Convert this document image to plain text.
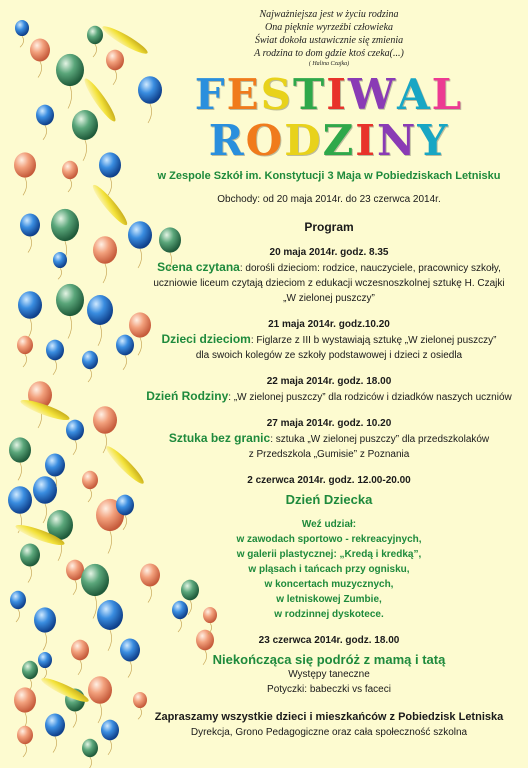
Najważniejsza jest w życiu rodzina
Ona pięknie wyrzeźbi człowieka
Świat dokoła ustawicznie się zmienia
A rodzina to dom gdzie ktoś czeka(...)
( Halina Czajka)
FESTIWAL
RODZINY
w Zespole Szkół im. Konstytucji 3 Maja w Pobiedziskach Letnisku
Obchody: od 20 maja 2014r. do 23 czerwca 2014r.
Program
20 maja 2014r. godz. 8.35
Scena czytana: dorośli dzieciom: rodzice, nauczyciele, pracownicy szkoły,
uczniowie liceum czytają dzieciom z edukacji wczesnoszkolnej sztukę H. Czajki
„W zielonej puszczy”
21 maja 2014r. godz.10.20
Dzieci dzieciom: Figlarze z III b wystawiają sztukę „W zielonej puszczy”
dla swoich kolegów ze szkoły podstawowej i dzieci z osiedla
22 maja 2014r. godz. 18.00
Dzień Rodziny: „W zielonej puszczy” dla rodziców i dziadków naszych uczniów
27 maja 2014r. godz. 10.20
Sztuka bez granic: sztuka „W zielonej puszczy” dla przedszkolaków
z Przedszkola „Gumisie” z Poznania
2 czerwca 2014r. godz. 12.00-20.00
Dzień Dziecka
Weź udział:
w zawodach sportowo - rekreacyjnych,
w galerii plastycznej: „Kredą i kredką”,
w pląsach i tańcach przy ognisku,
w koncertach muzycznych,
w letniskowej Zumbie,
w rodzinnej dyskotece.
23 czerwca 2014r. godz. 18.00
Niekończąca się podróż z mamą i tatą
Występy taneczne
Potyczki: babeczki vs faceci
Zapraszamy wszystkie dzieci i mieszkańców z Pobiedzisk Letniska
Dyrekcja, Grono Pedagogiczne oraz cała społeczność szkolna
